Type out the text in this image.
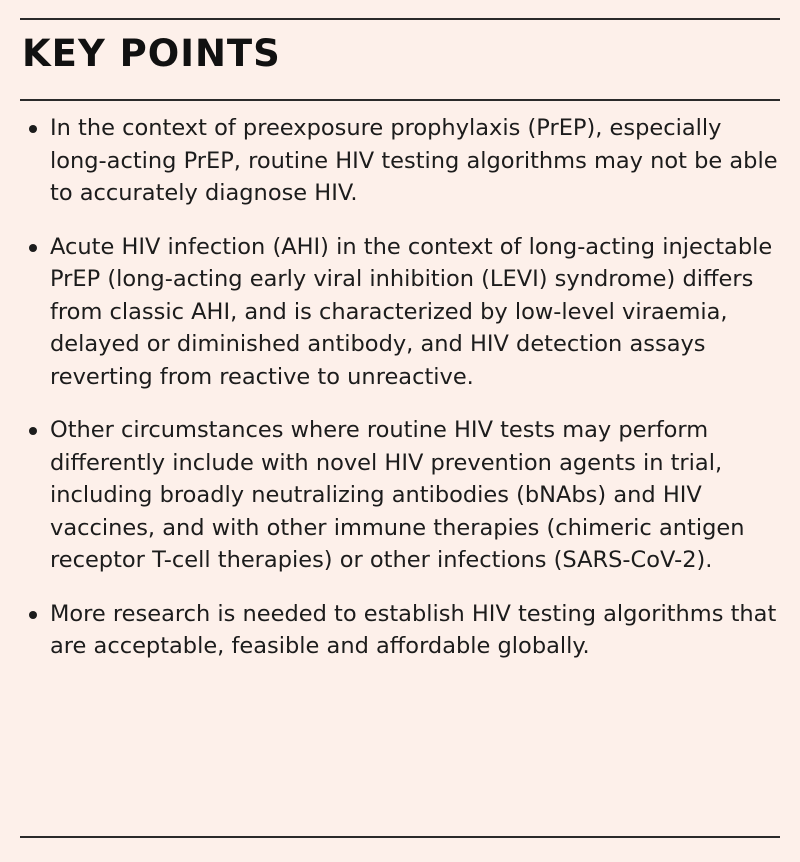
KEY POINTS
In the context of preexposure prophylaxis (PrEP), especially long-acting PrEP, routine HIV testing algorithms may not be able to accurately diagnose HIV.
Acute HIV infection (AHI) in the context of long-acting injectable PrEP (long-acting early viral inhibition (LEVI) syndrome) differs from classic AHI, and is characterized by low-level viraemia, delayed or diminished antibody, and HIV detection assays reverting from reactive to unreactive.
Other circumstances where routine HIV tests may perform differently include with novel HIV prevention agents in trial, including broadly neutralizing antibodies (bNAbs) and HIV vaccines, and with other immune therapies (chimeric antigen receptor T-cell therapies) or other infections (SARS-CoV-2).
More research is needed to establish HIV testing algorithms that are acceptable, feasible and affordable globally.
